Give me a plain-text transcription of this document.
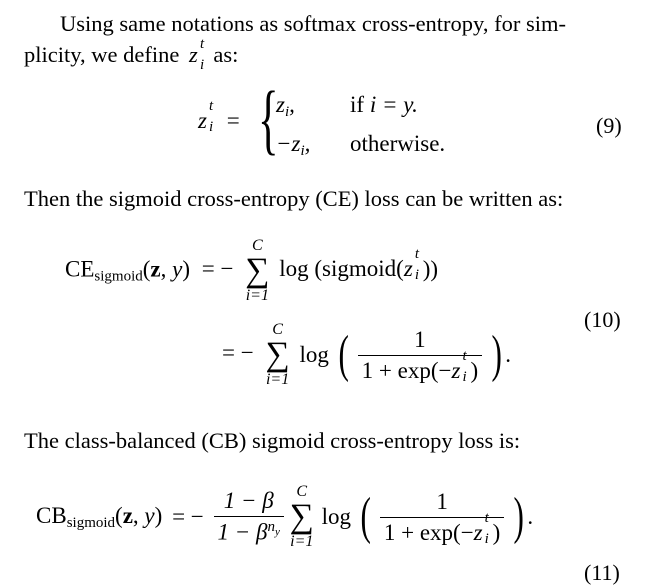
Using same notations as softmax cross-entropy, for sim-

plicity, we define z t
i as:

z
t
i = {
zi, if i = y.
−zi, otherwise.
(9)

Then the sigmoid cross-entropy (CE) loss can be written as:

CEsigmoid(z, y) = −
C
∑
i=1
log (sigmoid(z
t
i ))
= −
C
∑
i=1
log ( 1
1 + exp(−z
t
i ) ) .
(10)

The class-balanced (CB) sigmoid cross-entropy loss is:

CBsigmoid(z, y) = − $\frac{1 - \beta}{1 - \beta^{n_y}}$
C
∑
i=1
log ( 1
1 + exp(−z
t
i ) ) .
(11)
